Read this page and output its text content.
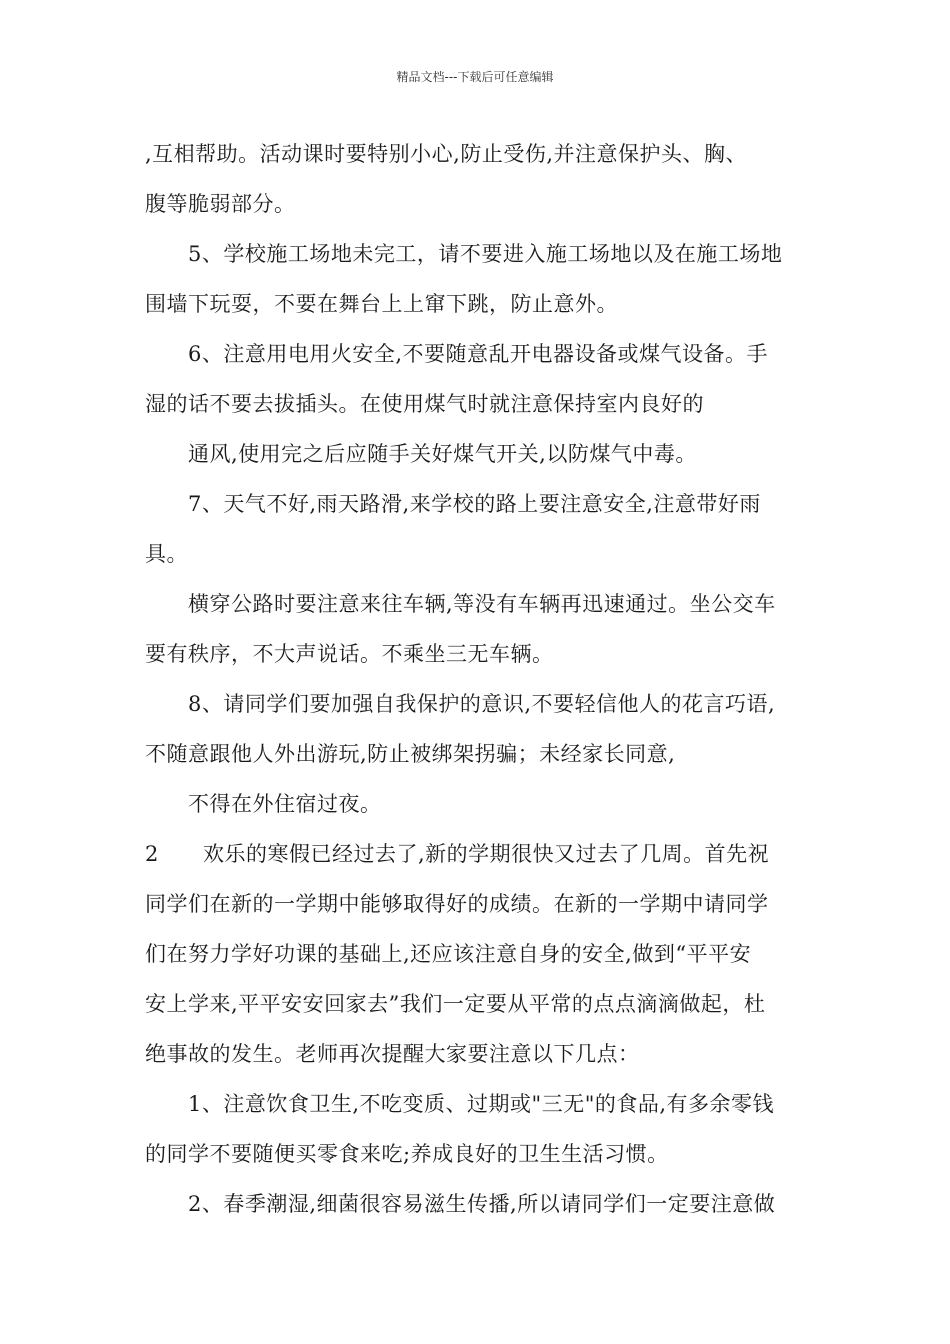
精品文档---下载后可任意编辑
,互相帮助。活动课时要特别小心,防止受伤,并注意保护头、胸、
腹等脆弱部分。
5、学校施工场地未完工，请不要进入施工场地以及在施工场地
围墙下玩耍，不要在舞台上上窜下跳，防止意外。
6、注意用电用火安全,不要随意乱开电器设备或煤气设备。手
湿的话不要去拔插头。在使用煤气时就注意保持室内良好的
通风,使用完之后应随手关好煤气开关,以防煤气中毒。
7、天气不好,雨天路滑,来学校的路上要注意安全,注意带好雨
具。
横穿公路时要注意来往车辆,等没有车辆再迅速通过。坐公交车
要有秩序，不大声说话。不乘坐三无车辆。
8、请同学们要加强自我保护的意识,不要轻信他人的花言巧语,
不随意跟他人外出游玩,防止被绑架拐骗；未经家长同意,
不得在外住宿过夜。
2 欢乐的寒假已经过去了,新的学期很快又过去了几周。首先祝
同学们在新的一学期中能够取得好的成绩。在新的一学期中请同学
们在努力学好功课的基础上,还应该注意自身的安全,做到“平平安
安上学来,平平安安回家去”我们一定要从平常的点点滴滴做起，杜
绝事故的发生。老师再次提醒大家要注意以下几点：
1、注意饮食卫生,不吃变质、过期或"三无"的食品,有多余零钱
的同学不要随便买零食来吃;养成良好的卫生生活习惯。
2、春季潮湿,细菌很容易滋生传播,所以请同学们一定要注意做
